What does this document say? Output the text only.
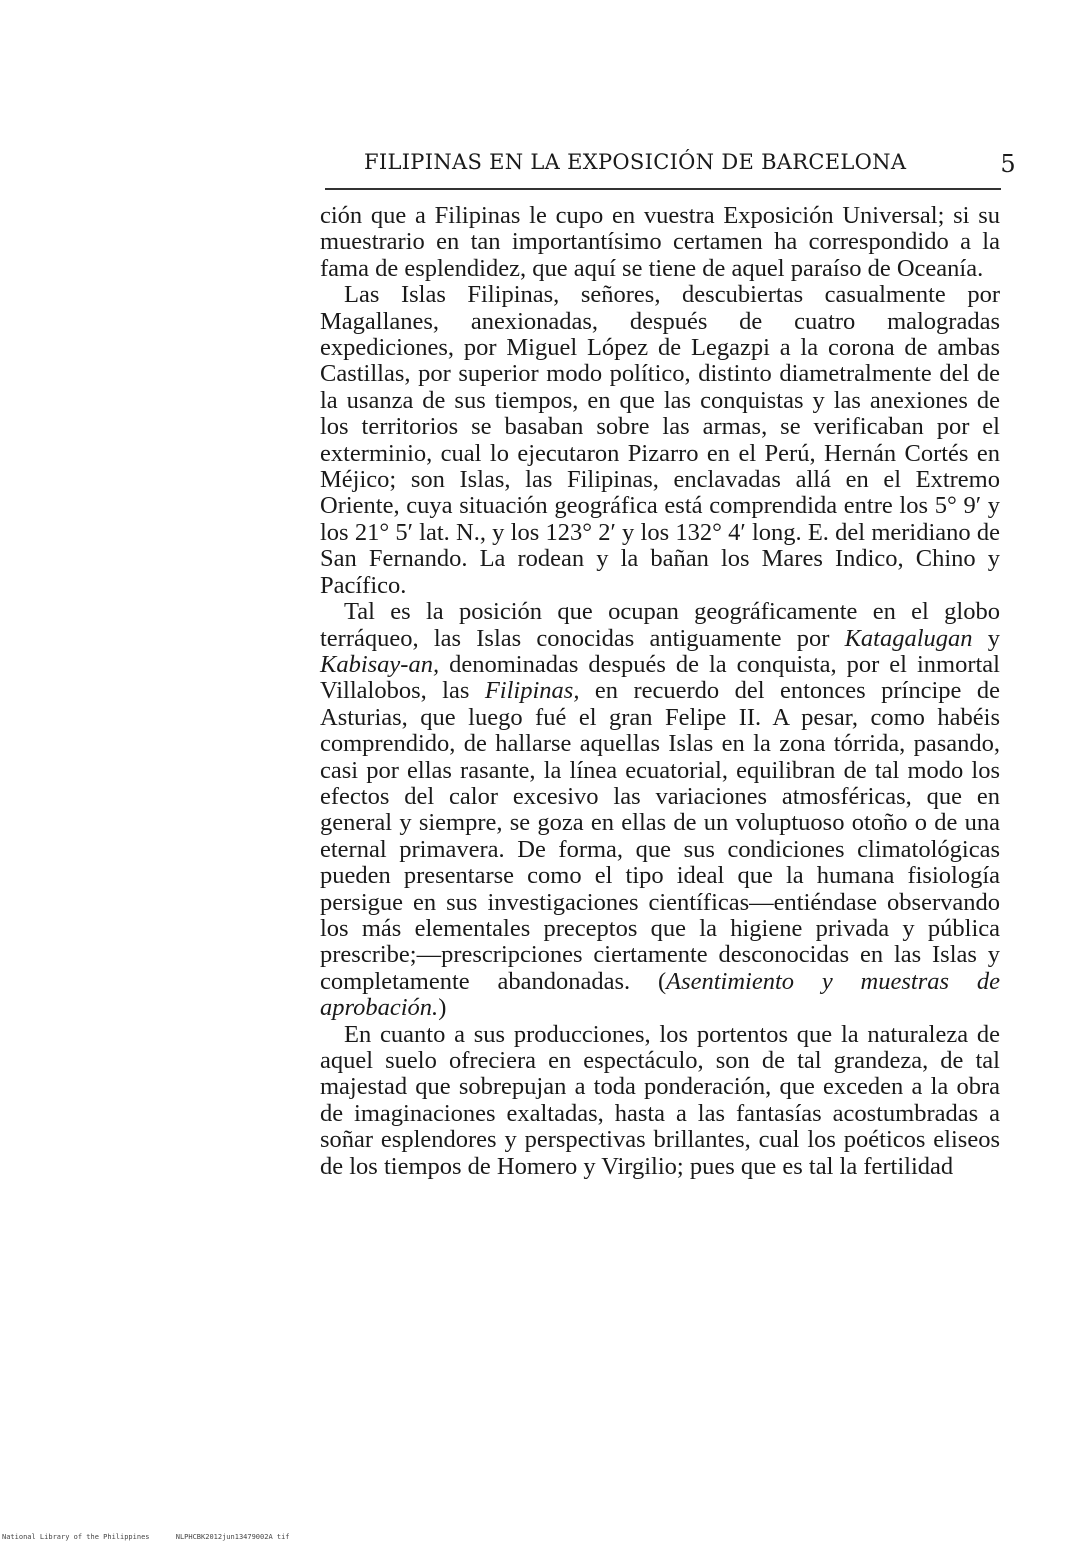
FILIPINAS EN LA EXPOSICIÓN DE BARCELONA	5

ción que a Filipinas le cupo en vuestra Exposición Universal; si su muestrario en tan importantísimo certamen ha correspondido a la fama de esplendidez, que aquí se tiene de aquel paraíso de Oceanía.

Las Islas Filipinas, señores, descubiertas casualmente por Magallanes, anexionadas, después de cuatro malogradas expediciones, por Miguel López de Legazpi a la corona de ambas Castillas, por superior modo político, distinto diametralmente del de la usanza de sus tiempos, en que las conquistas y las anexiones de los territorios se basaban sobre las armas, se verificaban por el exterminio, cual lo ejecutaron Pizarro en el Perú, Hernán Cortés en Méjico; son Islas, las Filipinas, enclavadas allá en el Extremo Oriente, cuya situación geográfica está comprendida entre los 5° 9′ y los 21° 5′ lat. N., y los 123° 2′ y los 132° 4′ long. E. del meridiano de San Fernando. La rodean y la bañan los Mares Indico, Chino y Pacífico.

Tal es la posición que ocupan geográficamente en el globo terráqueo, las Islas conocidas antiguamente por Katagalugan y Kabisay-an, denominadas después de la conquista, por el inmortal Villalobos, las Filipinas, en recuerdo del entonces príncipe de Asturias, que luego fué el gran Felipe II. A pesar, como habéis comprendido, de hallarse aquellas Islas en la zona tórrida, pasando, casi por ellas rasante, la línea ecuatorial, equilibran de tal modo los efectos del calor excesivo las variaciones atmosféricas, que en general y siempre, se goza en ellas de un voluptuoso otoño o de una eternal primavera. De forma, que sus condiciones climatológicas pueden presentarse como el tipo ideal que la humana fisiología persigue en sus investigaciones científicas—entiéndase observando los más elementales preceptos que la higiene privada y pública prescribe;—prescripciones ciertamente desconocidas en las Islas y completamente abandonadas. (Asentimiento y muestras de aprobación.)

En cuanto a sus producciones, los portentos que la naturaleza de aquel suelo ofreciera en espectáculo, son de tal grandeza, de tal majestad que sobrepujan a toda ponderación, que exceden a la obra de imaginaciones exaltadas, hasta a las fantasías acostumbradas a soñar esplendores y perspectivas brillantes, cual los poéticos eliseos de los tiempos de Homero y Virgilio; pues que es tal la fertilidad

National Library of the Philippines	NLPHCBK2012jun13479002A tif
